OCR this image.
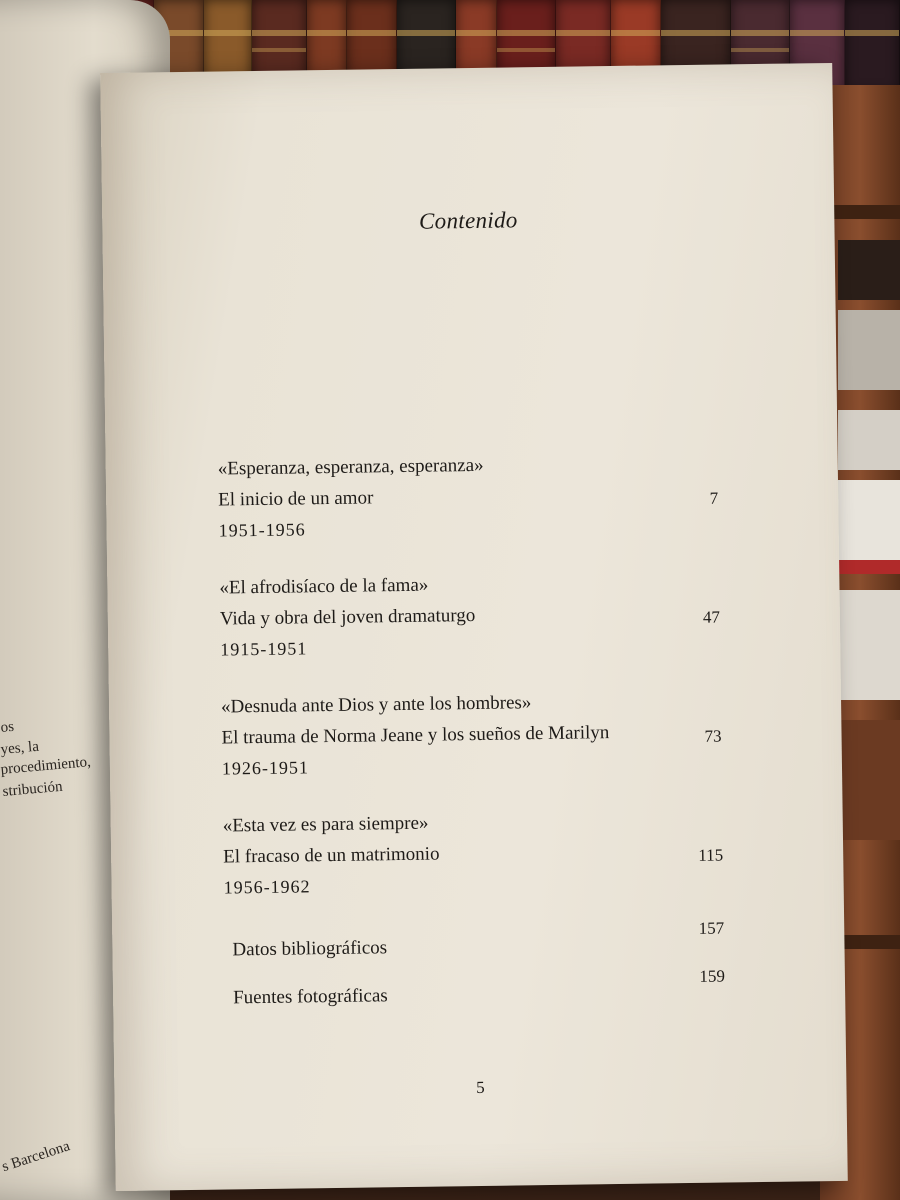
os
yes, la
procedimiento,
stribución
s Barcelona
Contenido
«Esperanza, esperanza, esperanza»
El inicio de un amor
1951-1956
7
«El afrodisíaco de la fama»
Vida y obra del joven dramaturgo
1915-1951
47
«Desnuda ante Dios y ante los hombres»
El trauma de Norma Jeane y los sueños de Marilyn
1926-1951
73
«Esta vez es para siempre»
El fracaso de un matrimonio
1956-1962
115
Datos bibliográficos
157
Fuentes fotográficas
159
5
